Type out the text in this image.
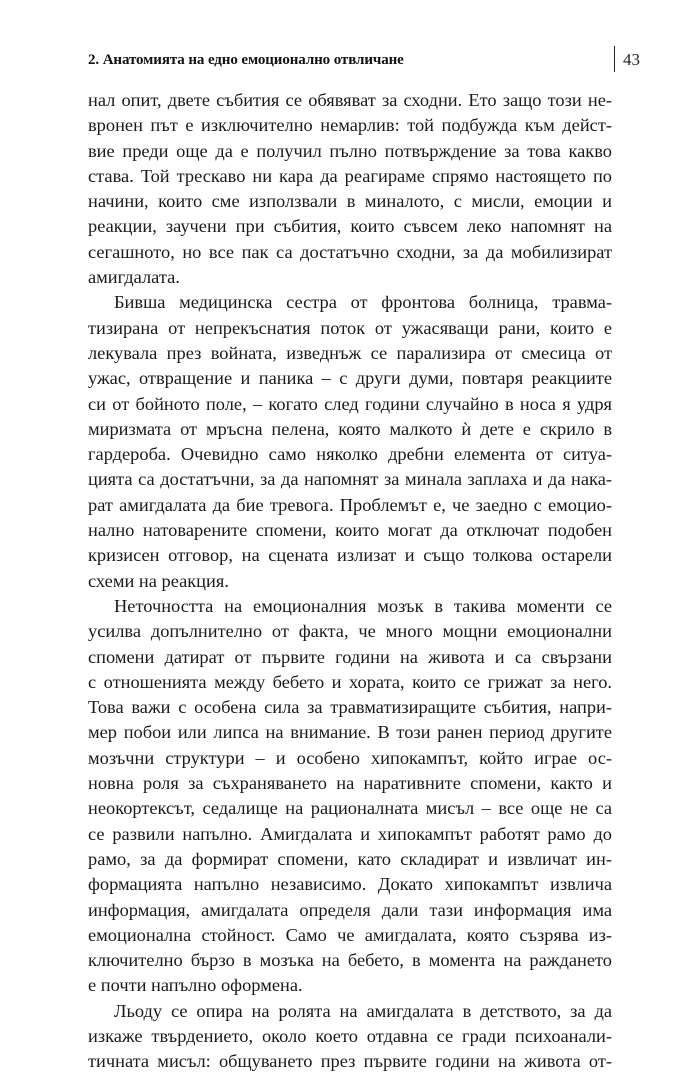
2. Анатомията на едно емоционално отвличане	43
нал опит, двете събития се обявяват за сходни. Ето защо този не-
вронен път е изключително немарлив: той подбужда към дейст-
вие преди още да е получил пълно потвърждение за това какво
става. Той трескаво ни кара да реагираме спрямо настоящето по
начини, които сме използвали в миналото, с мисли, емоции и
реакции, заучени при събития, които съвсем леко напомнят на
сегашното, но все пак са достатъчно сходни, за да мобилизират
амигдалата.
Бивша медицинска сестра от фронтова болница, травма-
тизирана от непрекъснатия поток от ужасяващи рани, които е
лекувала през войната, изведнъж се парализира от смесица от
ужас, отвращение и паника – с други думи, повтаря реакциите
си от бойното поле, – когато след години случайно в носа я удря
миризмата от мръсна пелена, която малкото ѝ дете е скрило в
гардероба. Очевидно само няколко дребни елемента от ситуа-
цията са достатъчни, за да напомнят за минала заплаха и да нака-
рат амигдалата да бие тревога. Проблемът е, че заедно с емоцио-
нално натоварените спомени, които могат да отключат подобен
кризисен отговор, на сцената излизат и също толкова остарели
схеми на реакция.
Неточността на емоционалния мозък в такива моменти се
усилва допълнително от факта, че много мощни емоционални
спомени датират от първите години на живота и са свързани
с отношенията между бебето и хората, които се грижат за него.
Това важи с особена сила за травматизиращите събития, напри-
мер побои или липса на внимание. В този ранен период другите
мозъчни структури – и особено хипокампът, който играе ос-
новна роля за съхраняването на наративните спомени, както и
неокортексът, седалище на рационалната мисъл – все още не са
се развили напълно. Амигдалата и хипокампът работят рамо до
рамо, за да формират спомени, като складират и извличат ин-
формацията напълно независимо. Докато хипокампът извлича
информация, амигдалата определя дали тази информация има
емоционална стойност. Само че амигдалата, която съзрява из-
ключително бързо в мозъка на бебето, в момента на раждането
е почти напълно оформена.
Льоду се опира на ролята на амигдалата в детството, за да
изкаже твърдението, около което отдавна се гради психоанали-
тичната мисъл: общуването през първите години на живота от-
